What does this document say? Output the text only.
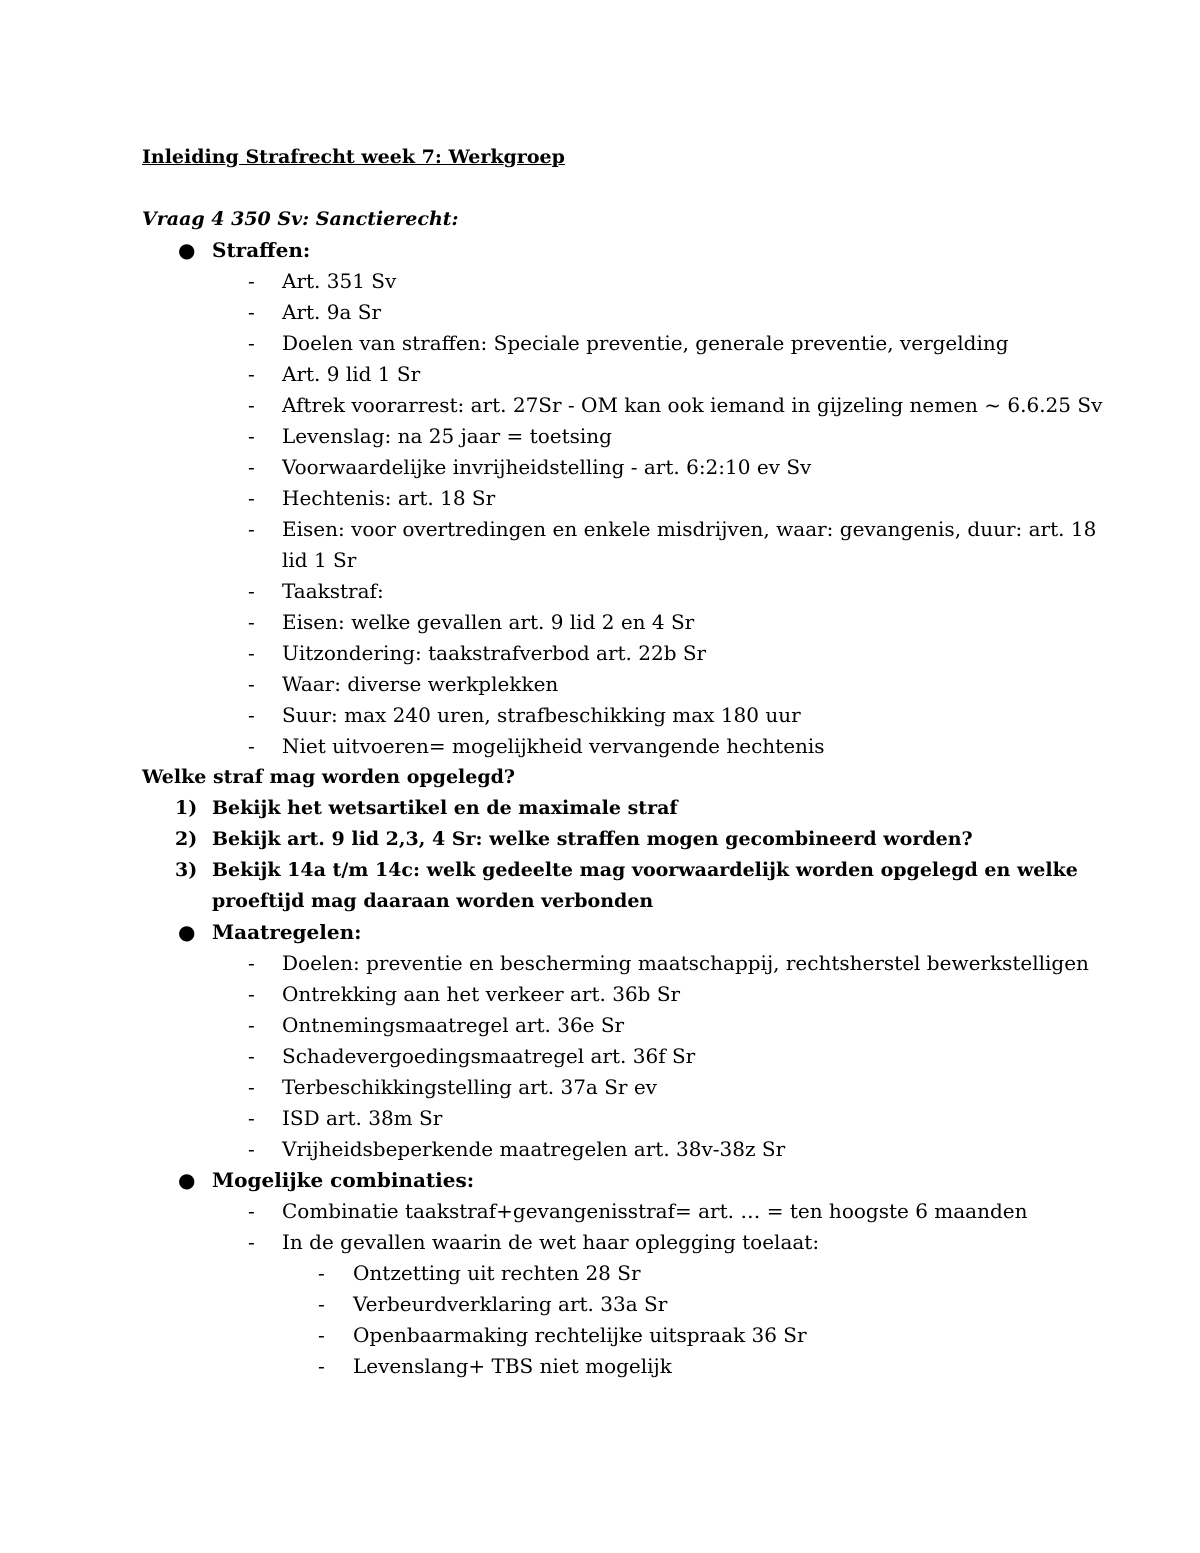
Inleiding Strafrecht week 7: Werkgroep
Vraag 4 350 Sv: Sanctierecht:
● Straffen:
- Art. 351 Sv
- Art. 9a Sr
- Doelen van straffen: Speciale preventie, generale preventie, vergelding
- Art. 9 lid 1 Sr
- Aftrek voorarrest: art. 27Sr - OM kan ook iemand in gijzeling nemen ~ 6.6.25 Sv
- Levenslag: na 25 jaar = toetsing
- Voorwaardelijke invrijheidstelling - art. 6:2:10 ev Sv
- Hechtenis: art. 18 Sr
- Eisen: voor overtredingen en enkele misdrijven, waar: gevangenis, duur: art. 18
lid 1 Sr
- Taakstraf:
- Eisen: welke gevallen art. 9 lid 2 en 4 Sr
- Uitzondering: taakstrafverbod art. 22b Sr
- Waar: diverse werkplekken
- Suur: max 240 uren, strafbeschikking max 180 uur
- Niet uitvoeren= mogelijkheid vervangende hechtenis
Welke straf mag worden opgelegd?
1) Bekijk het wetsartikel en de maximale straf
2) Bekijk art. 9 lid 2,3, 4 Sr: welke straffen mogen gecombineerd worden?
3) Bekijk 14a t/m 14c: welk gedeelte mag voorwaardelijk worden opgelegd en welke
proeftijd mag daaraan worden verbonden
● Maatregelen:
- Doelen: preventie en bescherming maatschappij, rechtsherstel bewerkstelligen
- Ontrekking aan het verkeer art. 36b Sr
- Ontnemingsmaatregel art. 36e Sr
- Schadevergoedingsmaatregel art. 36f Sr
- Terbeschikkingstelling art. 37a Sr ev
- ISD art. 38m Sr
- Vrijheidsbeperkende maatregelen art. 38v-38z Sr
● Mogelijke combinaties:
- Combinatie taakstraf+gevangenisstraf= art. … = ten hoogste 6 maanden
- In de gevallen waarin de wet haar oplegging toelaat:
- Ontzetting uit rechten 28 Sr
- Verbeurdverklaring art. 33a Sr
- Openbaarmaking rechtelijke uitspraak 36 Sr
- Levenslang+ TBS niet mogelijk
